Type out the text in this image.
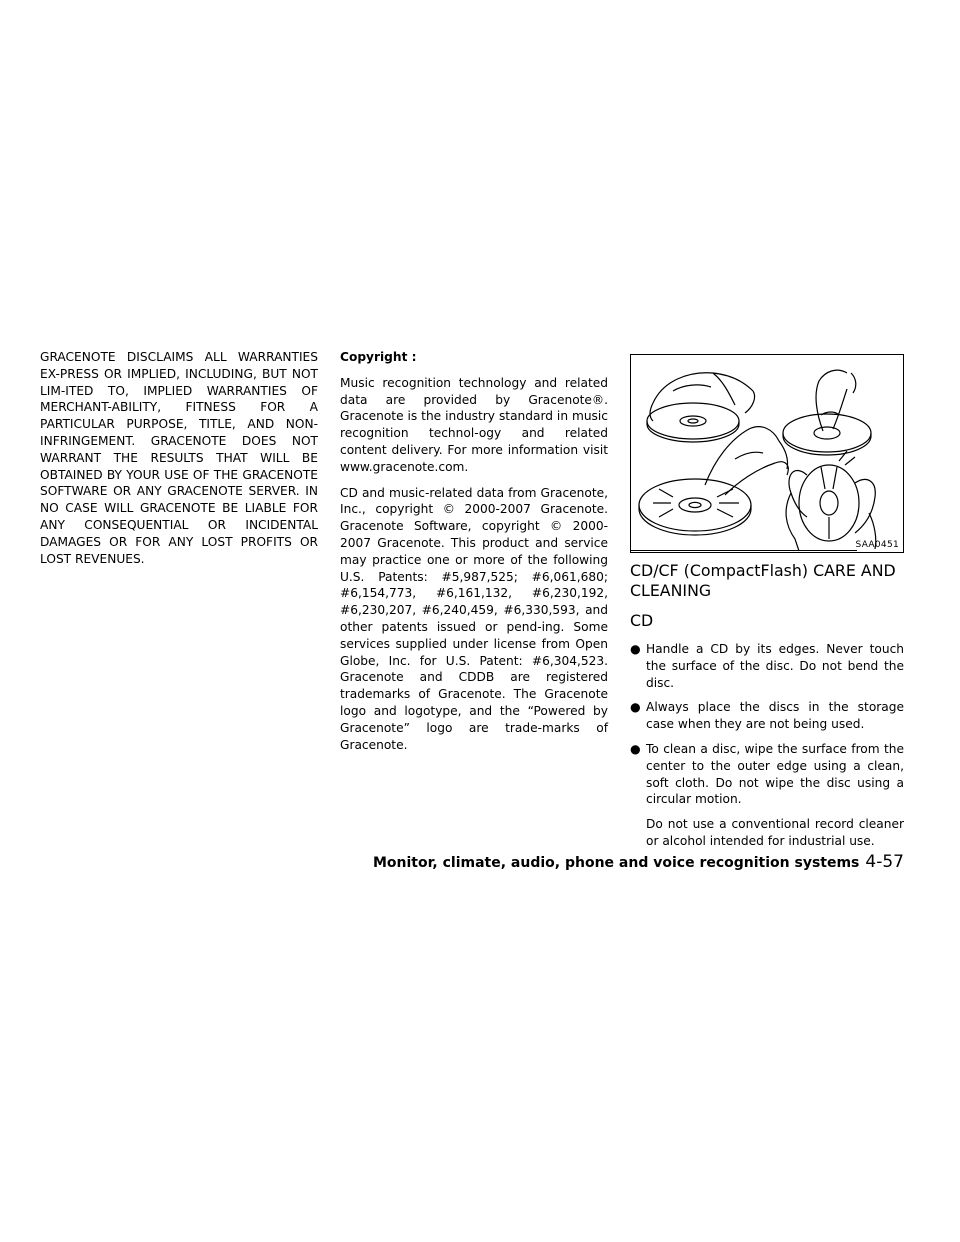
GRACENOTE DISCLAIMS ALL WARRANTIES EX-PRESS OR IMPLIED, INCLUDING, BUT NOT LIM-ITED TO, IMPLIED WARRANTIES OF MERCHANT-ABILITY, FITNESS FOR A PARTICULAR PURPOSE, TITLE, AND NON-INFRINGEMENT. GRACENOTE DOES NOT WARRANT THE RESULTS THAT WILL BE OBTAINED BY YOUR USE OF THE GRACENOTE SOFTWARE OR ANY GRACENOTE SERVER. IN NO CASE WILL GRACENOTE BE LIABLE FOR ANY CONSEQUENTIAL OR INCIDENTAL DAMAGES OR FOR ANY LOST PROFITS OR LOST REVENUES.

Copyright :

Music recognition technology and related data are provided by Gracenote®. Gracenote is the industry standard in music recognition technol-ogy and related content delivery. For more information visit www.gracenote.com.

CD and music-related data from Gracenote, Inc., copyright © 2000-2007 Gracenote. Gracenote Software, copyright © 2000-2007 Gracenote. This product and service may practice one or more of the following U.S. Patents: #5,987,525; #6,061,680; #6,154,773, #6,161,132, #6,230,192, #6,230,207, #6,240,459, #6,330,593, and other patents issued or pend-ing. Some services supplied under license from Open Globe, Inc. for U.S. Patent: #6,304,523. Gracenote and CDDB are registered trademarks of Gracenote. The Gracenote logo and logotype, and the “Powered by Gracenote” logo are trade-marks of Gracenote.

SAA0451
CD/CF (CompactFlash) CARE AND CLEANING
CD
● Handle a CD by its edges. Never touch the surface of the disc. Do not bend the disc.
● Always place the discs in the storage case when they are not being used.
● To clean a disc, wipe the surface from the center to the outer edge using a clean, soft cloth. Do not wipe the disc using a circular motion.

Do not use a conventional record cleaner or alcohol intended for industrial use.

Monitor, climate, audio, phone and voice recognition systems 4-57
